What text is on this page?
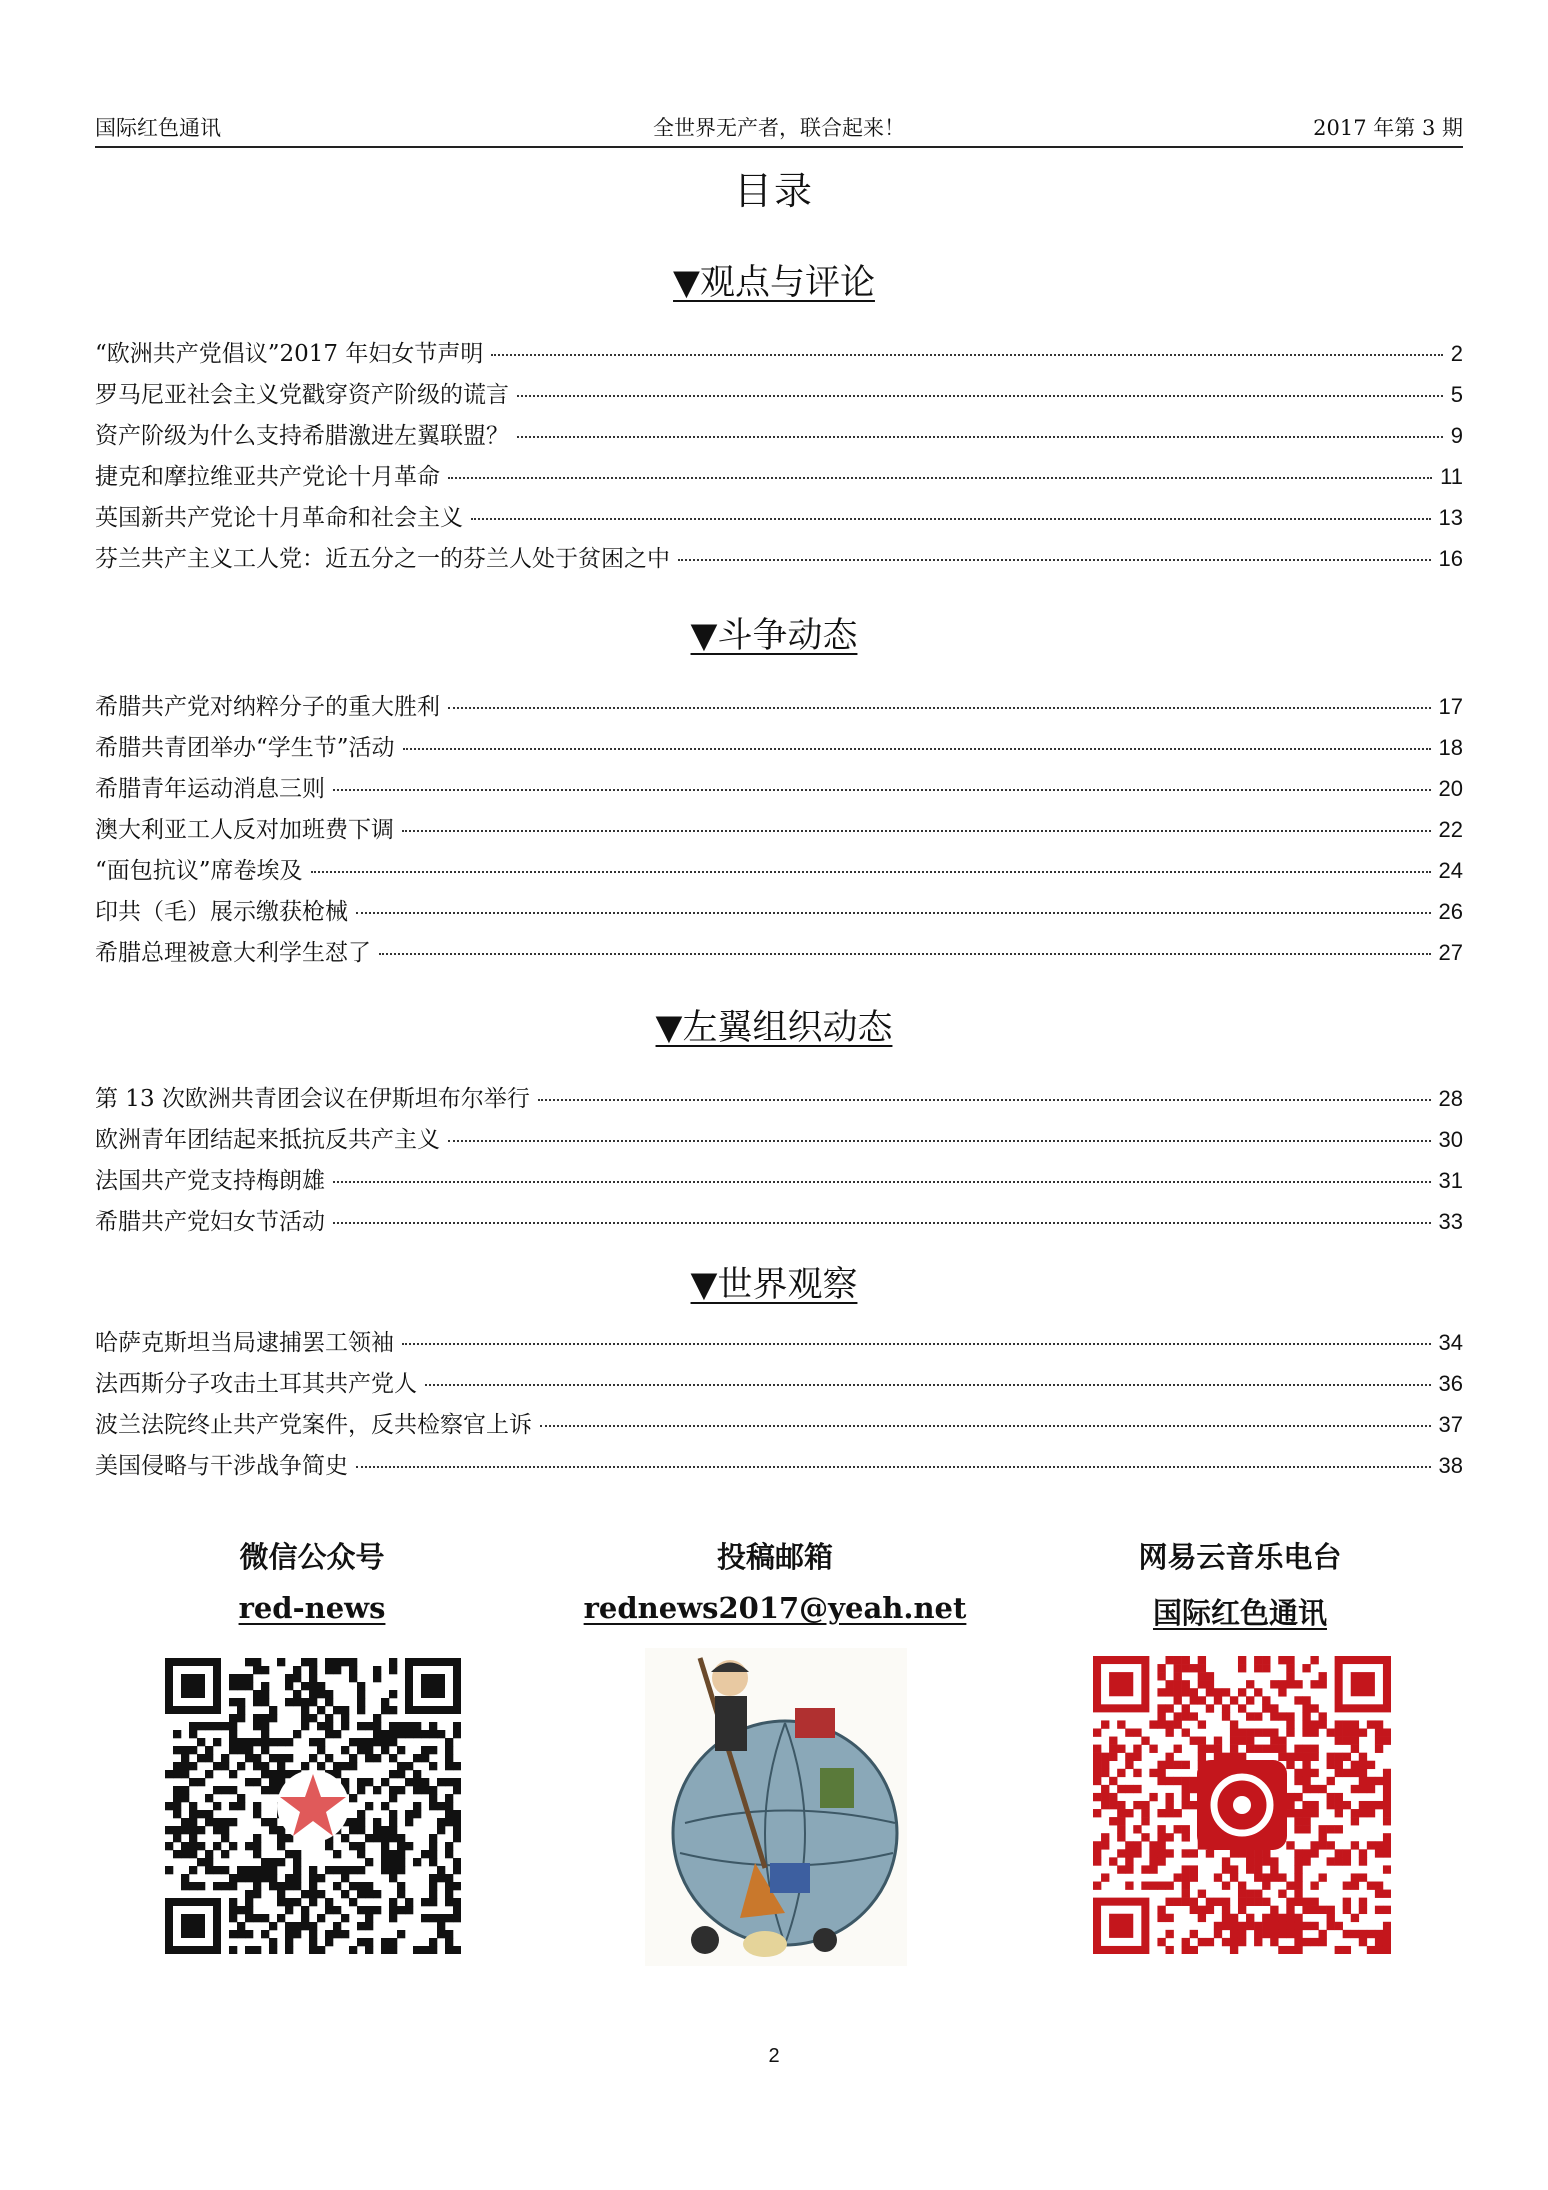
国际红色通讯	全世界无产者，联合起来！	2017 年第 3 期
目录
▼观点与评论
“欧洲共产党倡议”2017 年妇女节声明	2
罗马尼亚社会主义党戳穿资产阶级的谎言	5
资产阶级为什么支持希腊激进左翼联盟？	9
捷克和摩拉维亚共产党论十月革命	11
英国新共产党论十月革命和社会主义	13
芬兰共产主义工人党：近五分之一的芬兰人处于贫困之中	16
▼斗争动态
希腊共产党对纳粹分子的重大胜利	17
希腊共青团举办“学生节”活动	18
希腊青年运动消息三则	20
澳大利亚工人反对加班费下调	22
“面包抗议”席卷埃及	24
印共（毛）展示缴获枪械	26
希腊总理被意大利学生怼了	27
▼左翼组织动态
第 13 次欧洲共青团会议在伊斯坦布尔举行	28
欧洲青年团结起来抵抗反共产主义	30
法国共产党支持梅朗雄	31
希腊共产党妇女节活动	33
▼世界观察
哈萨克斯坦当局逮捕罢工领袖	34
法西斯分子攻击土耳其共产党人	36
波兰法院终止共产党案件，反共检察官上诉	37
美国侵略与干涉战争简史	38
微信公众号
red-news
投稿邮箱
rednews2017@yeah.net
网易云音乐电台
国际红色通讯
2
